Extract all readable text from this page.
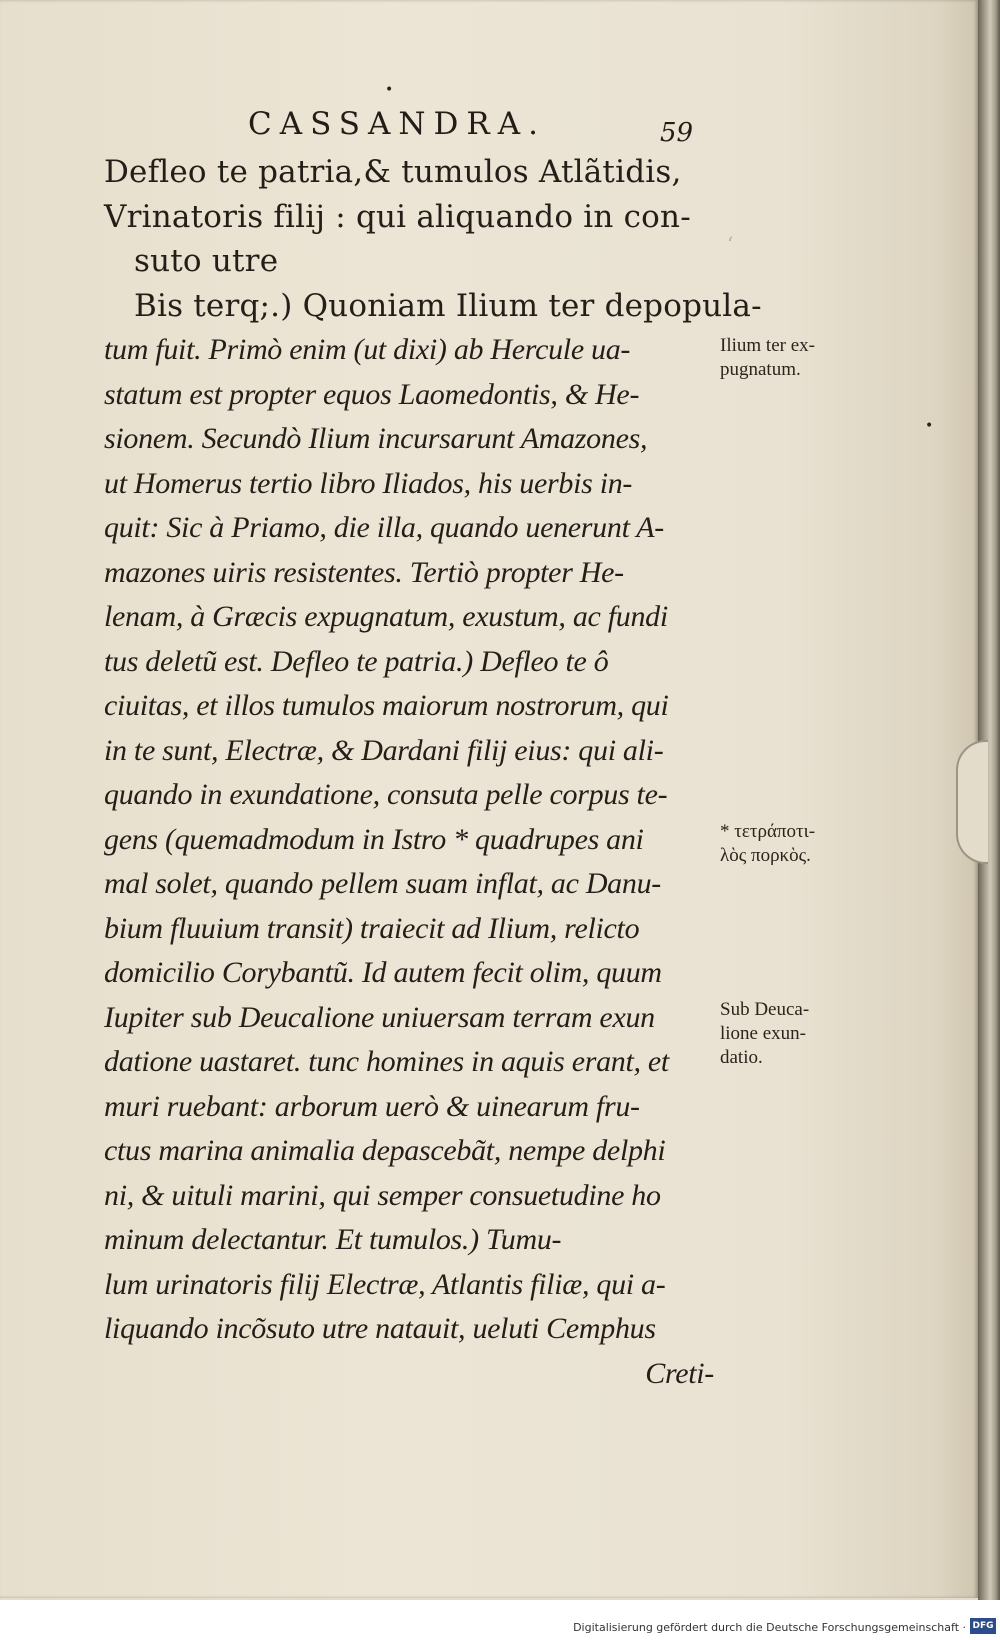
•
CASSANDRA.	59
Defleo te patria,& tumulos Atlãtidis,
Vrinatoris filij : qui aliquando in con-
suto utre
Bis terq;.) Quoniam Ilium ter depopula-
tum fuit. Primò enim (ut dixi) ab Hercule ua-
statum est propter equos Laomedontis, & He-
sionem. Secundò Ilium incursarunt Amazones,
ut Homerus tertio libro Iliados, his uerbis in-
quit: Sic à Priamo, die illa, quando uenerunt A-
mazones uiris resistentes. Tertiò propter He-
lenam, à Græcis expugnatum, exustum, ac fundi
tus deletũ est. Defleo te patria.) Defleo te ô
ciuitas, et illos tumulos maiorum nostrorum, qui
in te sunt, Electræ, & Dardani filij eius: qui ali-
quando in exundatione, consuta pelle corpus te-
gens (quemadmodum in Istro * quadrupes ani
mal solet, quando pellem suam inflat, ac Danu-
bium fluuium transit) traiecit ad Ilium, relicto
domicilio Corybantũ. Id autem fecit olim, quum
Iupiter sub Deucalione uniuersam terram exun
datione uastaret. tunc homines in aquis erant, et
muri ruebant: arborum uerò & uinearum fru-
ctus marina animalia depascebãt, nempe delphi
ni, & uituli marini, qui semper consuetudine ho
minum delectantur. Et tumulos.) Tumu-
lum urinatoris filij Electræ, Atlantis filiæ, qui a-
liquando incõsuto utre natauit, ueluti Cemphus
Creti-
Ilium ter ex-
pugnatum.
* τετράποτι-
λὸς πορκὸς.
Sub Deuca-
lione exun-
datio.
ʻ
•
Digitalisierung gefördert durch die Deutsche Forschungsgemeinschaft · DFG
